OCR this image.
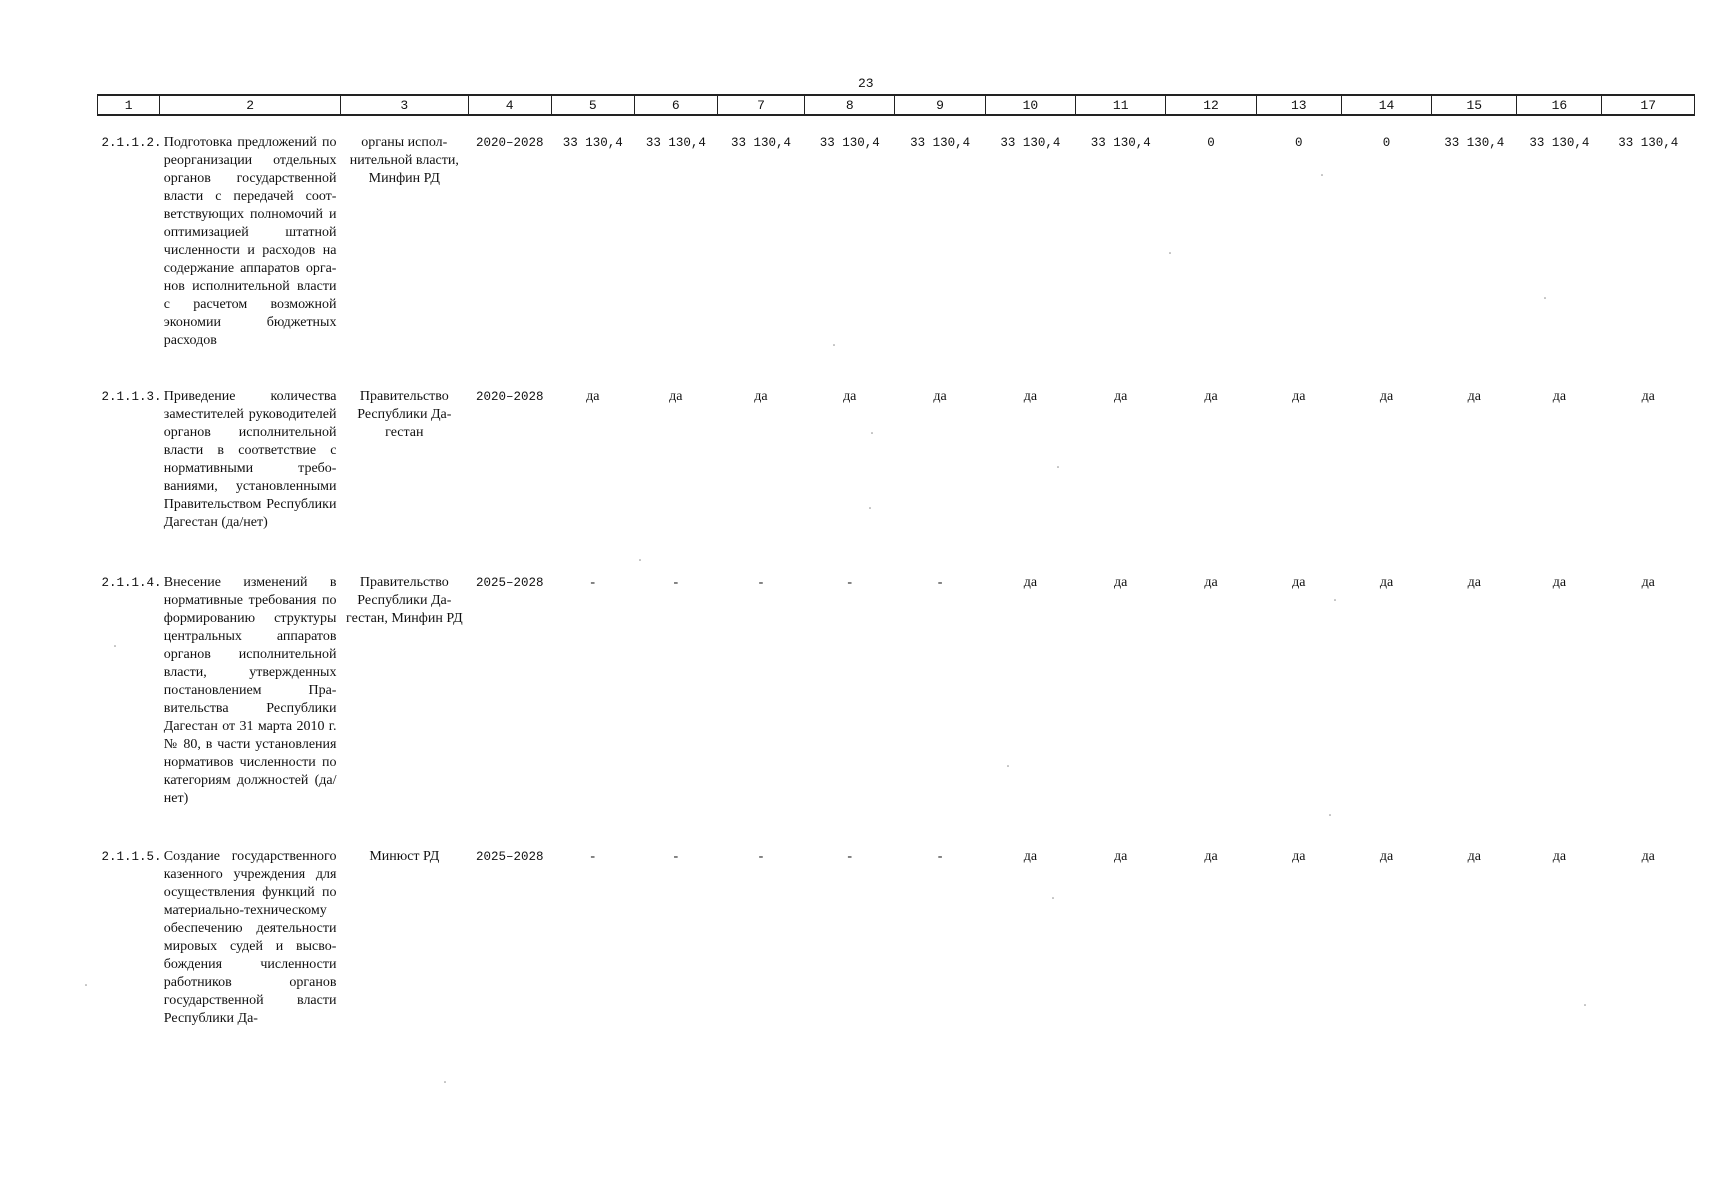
23
1	2	3	4	5	6	7	8	9	10	11	12	13	14	15	16	17
2.1.1.2.	Подготовка предложений по реорганизации отдельных органов государственной власти с передачей соответствующих полномочий и оптимизацией штатной численности и расходов на содержание аппаратов органов исполнительной власти с расчетом возможной экономии бюджетных расходов	органы исполнительной власти, Минфин РД	2020–2028	33 130,4	33 130,4	33 130,4	33 130,4	33 130,4	33 130,4	33 130,4	0	0	0	33 130,4	33 130,4	33 130,4
2.1.1.3.	Приведение количества заместителей руководителей органов исполнительной власти в соответствие с нормативными требованиями, установленными Правительством Республики Дагестан (да/нет)	Правительство Республики Дагестан	2020–2028	да	да	да	да	да	да	да	да	да	да	да	да	да
2.1.1.4.	Внесение изменений в нормативные требования по формированию структуры центральных аппаратов органов исполнительной власти, утвержденных постановлением Правительства Республики Дагестан от 31 марта 2010 г. № 80, в части установления нормативов численности по категориям должностей (да/нет)	Правительство Республики Дагестан, Минфин РД	2025–2028	-	-	-	-	-	да	да	да	да	да	да	да	да
2.1.1.5.	Создание государственного казенного учреждения для осуществления функций по материально-техническому обеспечению деятельности мировых судей и высвобождения численности работников органов государственной власти Республики Да-	Минюст РД	2025–2028	-	-	-	-	-	да	да	да	да	да	да	да	да
